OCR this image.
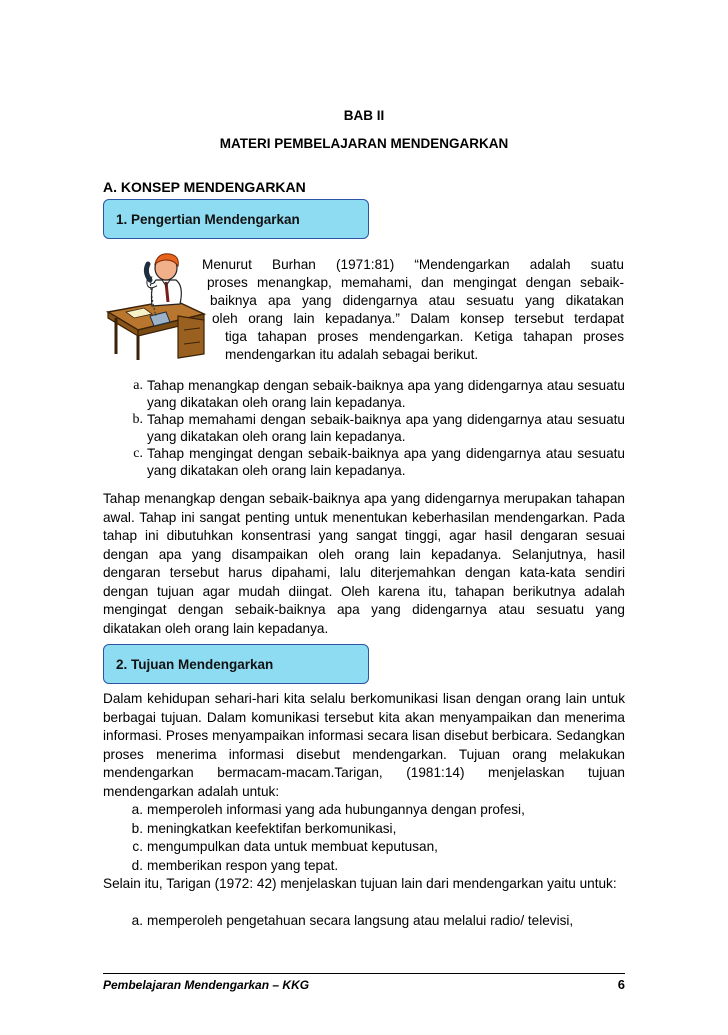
BAB II
MATERI PEMBELAJARAN MENDENGARKAN
A. KONSEP MENDENGARKAN
1. Pengertian Mendengarkan
Menurut Burhan (1971:81) “Mendengarkan adalah suatu
proses menangkap, memahami, dan mengingat dengan sebaik-
baiknya apa yang didengarnya atau sesuatu yang dikatakan
oleh orang lain kepadanya.” Dalam konsep tersebut terdapat
tiga tahapan proses mendengarkan. Ketiga tahapan proses
mendengarkan itu adalah sebagai berikut.
a. Tahap menangkap dengan sebaik-baiknya apa yang didengarnya atau sesuatu yang dikatakan oleh orang lain kepadanya.
b. Tahap memahami dengan sebaik-baiknya apa yang didengarnya atau sesuatu yang dikatakan oleh orang lain kepadanya.
c. Tahap mengingat dengan sebaik-baiknya apa yang didengarnya atau sesuatu yang dikatakan oleh orang lain kepadanya.
Tahap menangkap dengan sebaik-baiknya apa yang didengarnya merupakan tahapan awal. Tahap ini sangat penting untuk menentukan keberhasilan mendengarkan. Pada tahap ini dibutuhkan konsentrasi yang sangat tinggi, agar hasil dengaran sesuai dengan apa yang disampaikan oleh orang lain kepadanya. Selanjutnya, hasil dengaran tersebut harus dipahami, lalu diterjemahkan dengan kata-kata sendiri dengan tujuan agar mudah diingat. Oleh karena itu, tahapan berikutnya adalah mengingat dengan sebaik-baiknya apa yang didengarnya atau sesuatu yang dikatakan oleh orang lain kepadanya.
2. Tujuan Mendengarkan
Dalam kehidupan sehari-hari kita selalu berkomunikasi lisan dengan orang lain untuk berbagai tujuan. Dalam komunikasi tersebut kita akan menyampaikan dan menerima informasi. Proses menyampaikan informasi secara lisan disebut berbicara. Sedangkan proses menerima informasi disebut mendengarkan. Tujuan orang melakukan mendengarkan bermacam-macam.Tarigan, (1981:14) menjelaskan tujuan mendengarkan adalah untuk:
a. memperoleh informasi yang ada hubungannya dengan profesi,
b. meningkatkan keefektifan berkomunikasi,
c. mengumpulkan data untuk membuat keputusan,
d. memberikan respon yang tepat.
Selain itu, Tarigan (1972: 42) menjelaskan tujuan lain dari mendengarkan yaitu untuk:
a. memperoleh pengetahuan secara langsung atau melalui radio/ televisi,
Pembelajaran Mendengarkan – KKG	6
